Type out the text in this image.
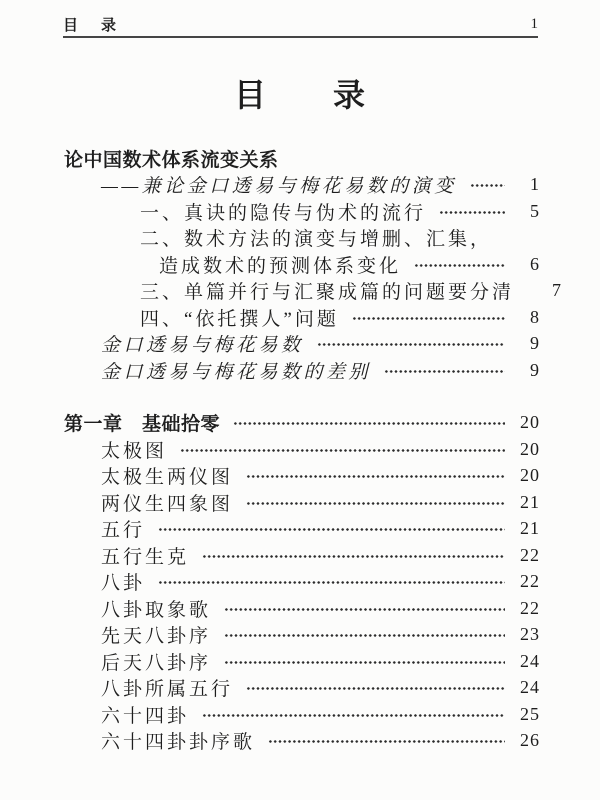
目　录	1
目　　录
论中国数术体系流变关系
——兼论金口透易与梅花易数的演变	1
一、真诀的隐传与伪术的流行	5
二、数术方法的演变与增删、汇集，
造成数术的预测体系变化	6
三、单篇并行与汇聚成篇的问题要分清	7
四、“依托撰人”问题	8
金口透易与梅花易数	9
金口透易与梅花易数的差别	9
第一章　基础拾零	20
太极图	20
太极生两仪图	20
两仪生四象图	21
五行	21
五行生克	22
八卦	22
八卦取象歌	22
先天八卦序	23
后天八卦序	24
八卦所属五行	24
六十四卦	25
六十四卦卦序歌	26
